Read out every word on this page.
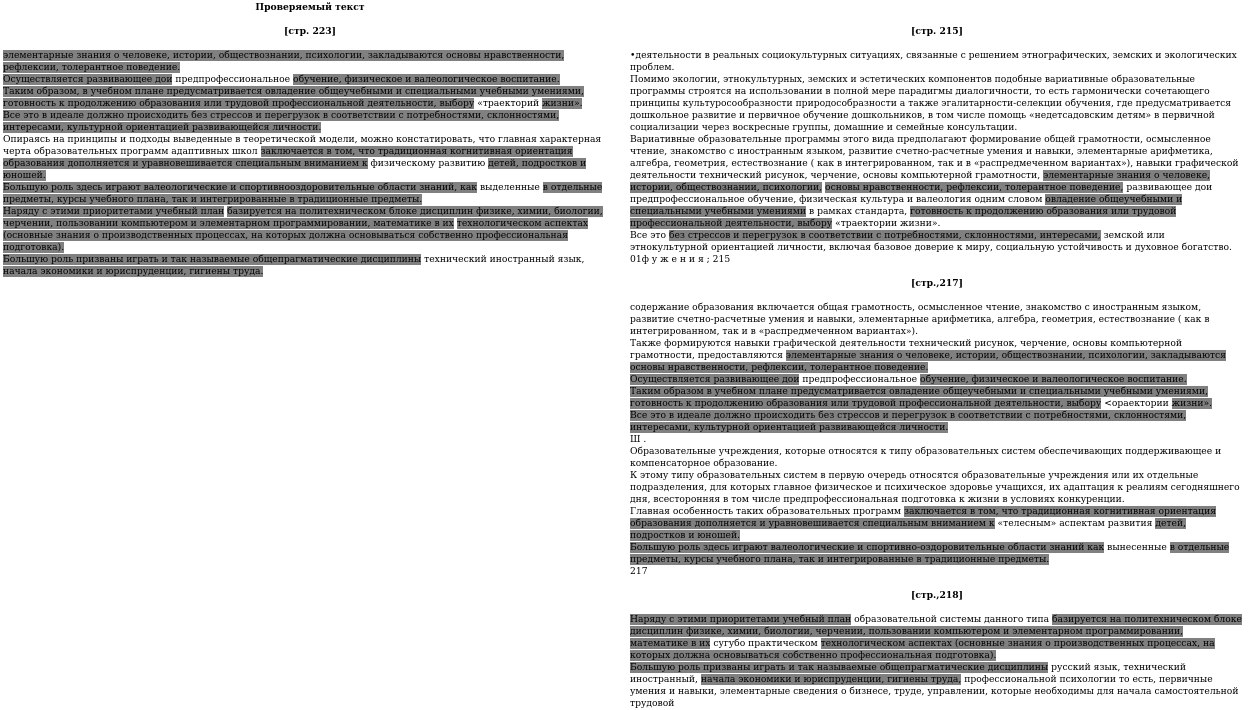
Проверяемый текст
[стр. 223]

элементарные знания о человеке, истории, обществознании, психологии, закладываются основы нравственности, рефлексии, толерантное поведение.

Осуществляется развивающее дои предпрофессиональное обучение, физическое и валеологическое воспитание.

Таким образом, в учебном плане предусматривается овладение общеучебными и специальными учебными умениями, готовность к продолжению образования или трудовой профессиональной деятельности, выбору «траекторий жизни».

Все это в идеале должно происходить без стрессов и перегрузок в соответствии с потребностями, склонностями, интересами, культурной ориентацией развивающейся личности.

Опираясь на принципы и подходы выведенные в теоретической модели, можно констатировать, что главная характерная черта образовательных программ адаптивных школ заключается в том, что традиционная когнитивная ориентация образования дополняется и уравновешивается специальным вниманием к физическому развитию детей, подростков и юношей.

Большую роль здесь играют валеологические и спортивнооздоровительные области знаний, как выделенные в отдельные предметы, курсы учебного плана, так и интегрированные в традиционные предметы.

Наряду с этими приоритетами учебный план базируется на политехническом блоке дисциплин физике, химии, биологии, черчении, пользовании компьютером и элементарном программировании, математике в их технологическом аспектах (основные знания о производственных процессах, на которых должна основываться собственно профессиональная подготовка).

Большую роль призваны играть и так называемые общепрагматические дисциплины технический иностранный язык, начала экономики и юриспруденции, гигиены труда.

[стр. 215]

•деятельности в реальных социокультурных ситуациях, связанные с решением этнографических, земских и экологических проблем.

Помимо экологии, этнокультурных, земских и эстетических компонентов подобные вариативные образовательные программы строятся на использовании в полной мере парадигмы диалогичности, то есть гармонически сочетающего принципы культуросообразности природособразности а также эгалитарности-селекции обучения, где предусматривается дошкольное развитие и первичное обучение дошкольников, в том числе помощь «недетсадовским детям» в первичной социализации через воскресные группы, домашние и семейные консультации.

Вариативные образовательные программы этого вида предполагают формирование общей грамотности, осмысленное чтение, знакомство с иностранным языком, развитие счетно-расчетные умения и навыки, элементарные арифметика, алгебра, геометрия, естествознание ( как в интегрированном, так и в «распредмеченном вариантах»), навыки графической деятельности технический рисунок, черчение, основы компьютерной грамотности, элементарные знания о человеке, истории, обществознании, психологии, основы нравственности, рефлексии, толерантное поведение, развивающее дои предпрофессиональное обучение, физическая культура и валеология одним словом овладение общеучебными и специальными учебными умениями в рамках стандарта, готовность к продолжению образования или трудовой профессиональной деятельности, выбору «траектории жизни».

Все это без стрессов и перегрузок в соответствии с потребностями, склонностями, интересами, земской или этнокультурной ориентацией личности, включая базовое доверие к миру, социальную устойчивость и духовное богатство.

01ф у ж е н и я ; 215

[стр.,217]

содержание образования включается общая грамотность, осмысленное чтение, знакомство с иностранным языком, развитие счетно-расчетные умения и навыки, элементарные арифметика, алгебра, геометрия, естествознание ( как в интегрированном, так и в «распредмеченном вариантах»).

Также формируются навыки графической деятельности технический рисунок, черчение, основы компьютерной грамотности, предоставляются элементарные знания о человеке, истории, обществознании, психологии, закладываются основы нравственности, рефлексии, толерантное поведение.

Осуществляется развивающее дои предпрофессиональное обучение, физическое и валеологическое воспитание.

Таким образом в учебном плане предусматривается овладение общеучебными и специальными учебными умениями, готовность к продолжению образования или трудовой профессиональной деятельности, выбору <ораектории жизни».

Все это в идеале должно происходить без стрессов и перегрузок в соответствии с потребностями, склонностями, интересами, культурной ориентацией развивающейся личности.

Ш .

Образовательные учреждения, которые относятся к типу образовательных систем обеспечивающих поддерживающее и компенсаторное образование.

К этому типу образовательных систем в первую очередь относятся образовательные учреждения или их отдельные подразделения, для которых главное физическое и психическое здоровье учащихся, их адаптация к реалиям сегодняшнего дня, всесторонняя в том числе предпрофессиональная подготовка к жизни в условиях конкуренции.

Главная особенность таких образовательных программ заключается в том, что традиционная когнитивная ориентация образования дополняется и уравновешивается специальным вниманием к «телесным» аспектам развития детей, подростков и юношей.

Большую роль здесь играют валеологические и спортивно-оздоровительные области знаний как вынесенные в отдельные предметы, курсы учебного плана, так и интегрированные в традиционные предметы.

217

[стр.,218]

Наряду с этими приоритетами учебный план образовательной системы данного типа базируется на политехническом блоке дисциплин физике, химии, биологии, черчении, пользовании компьютером и элементарном программировании, математике в их сугубо практическом технологическом аспектах (основные знания о производственных процессах, на которых должна основываться собственно профессиональная подготовка).

Большую роль призваны играть и так называемые общепрагматические дисциплины русский язык, технический иностранный, начала экономики и юриспруденции, гигиены труда, профессиональной психологии то есть, первичные умения и навыки, элементарные сведения о бизнесе, труде, управлении, которые необходимы для начала самостоятельной трудовой
